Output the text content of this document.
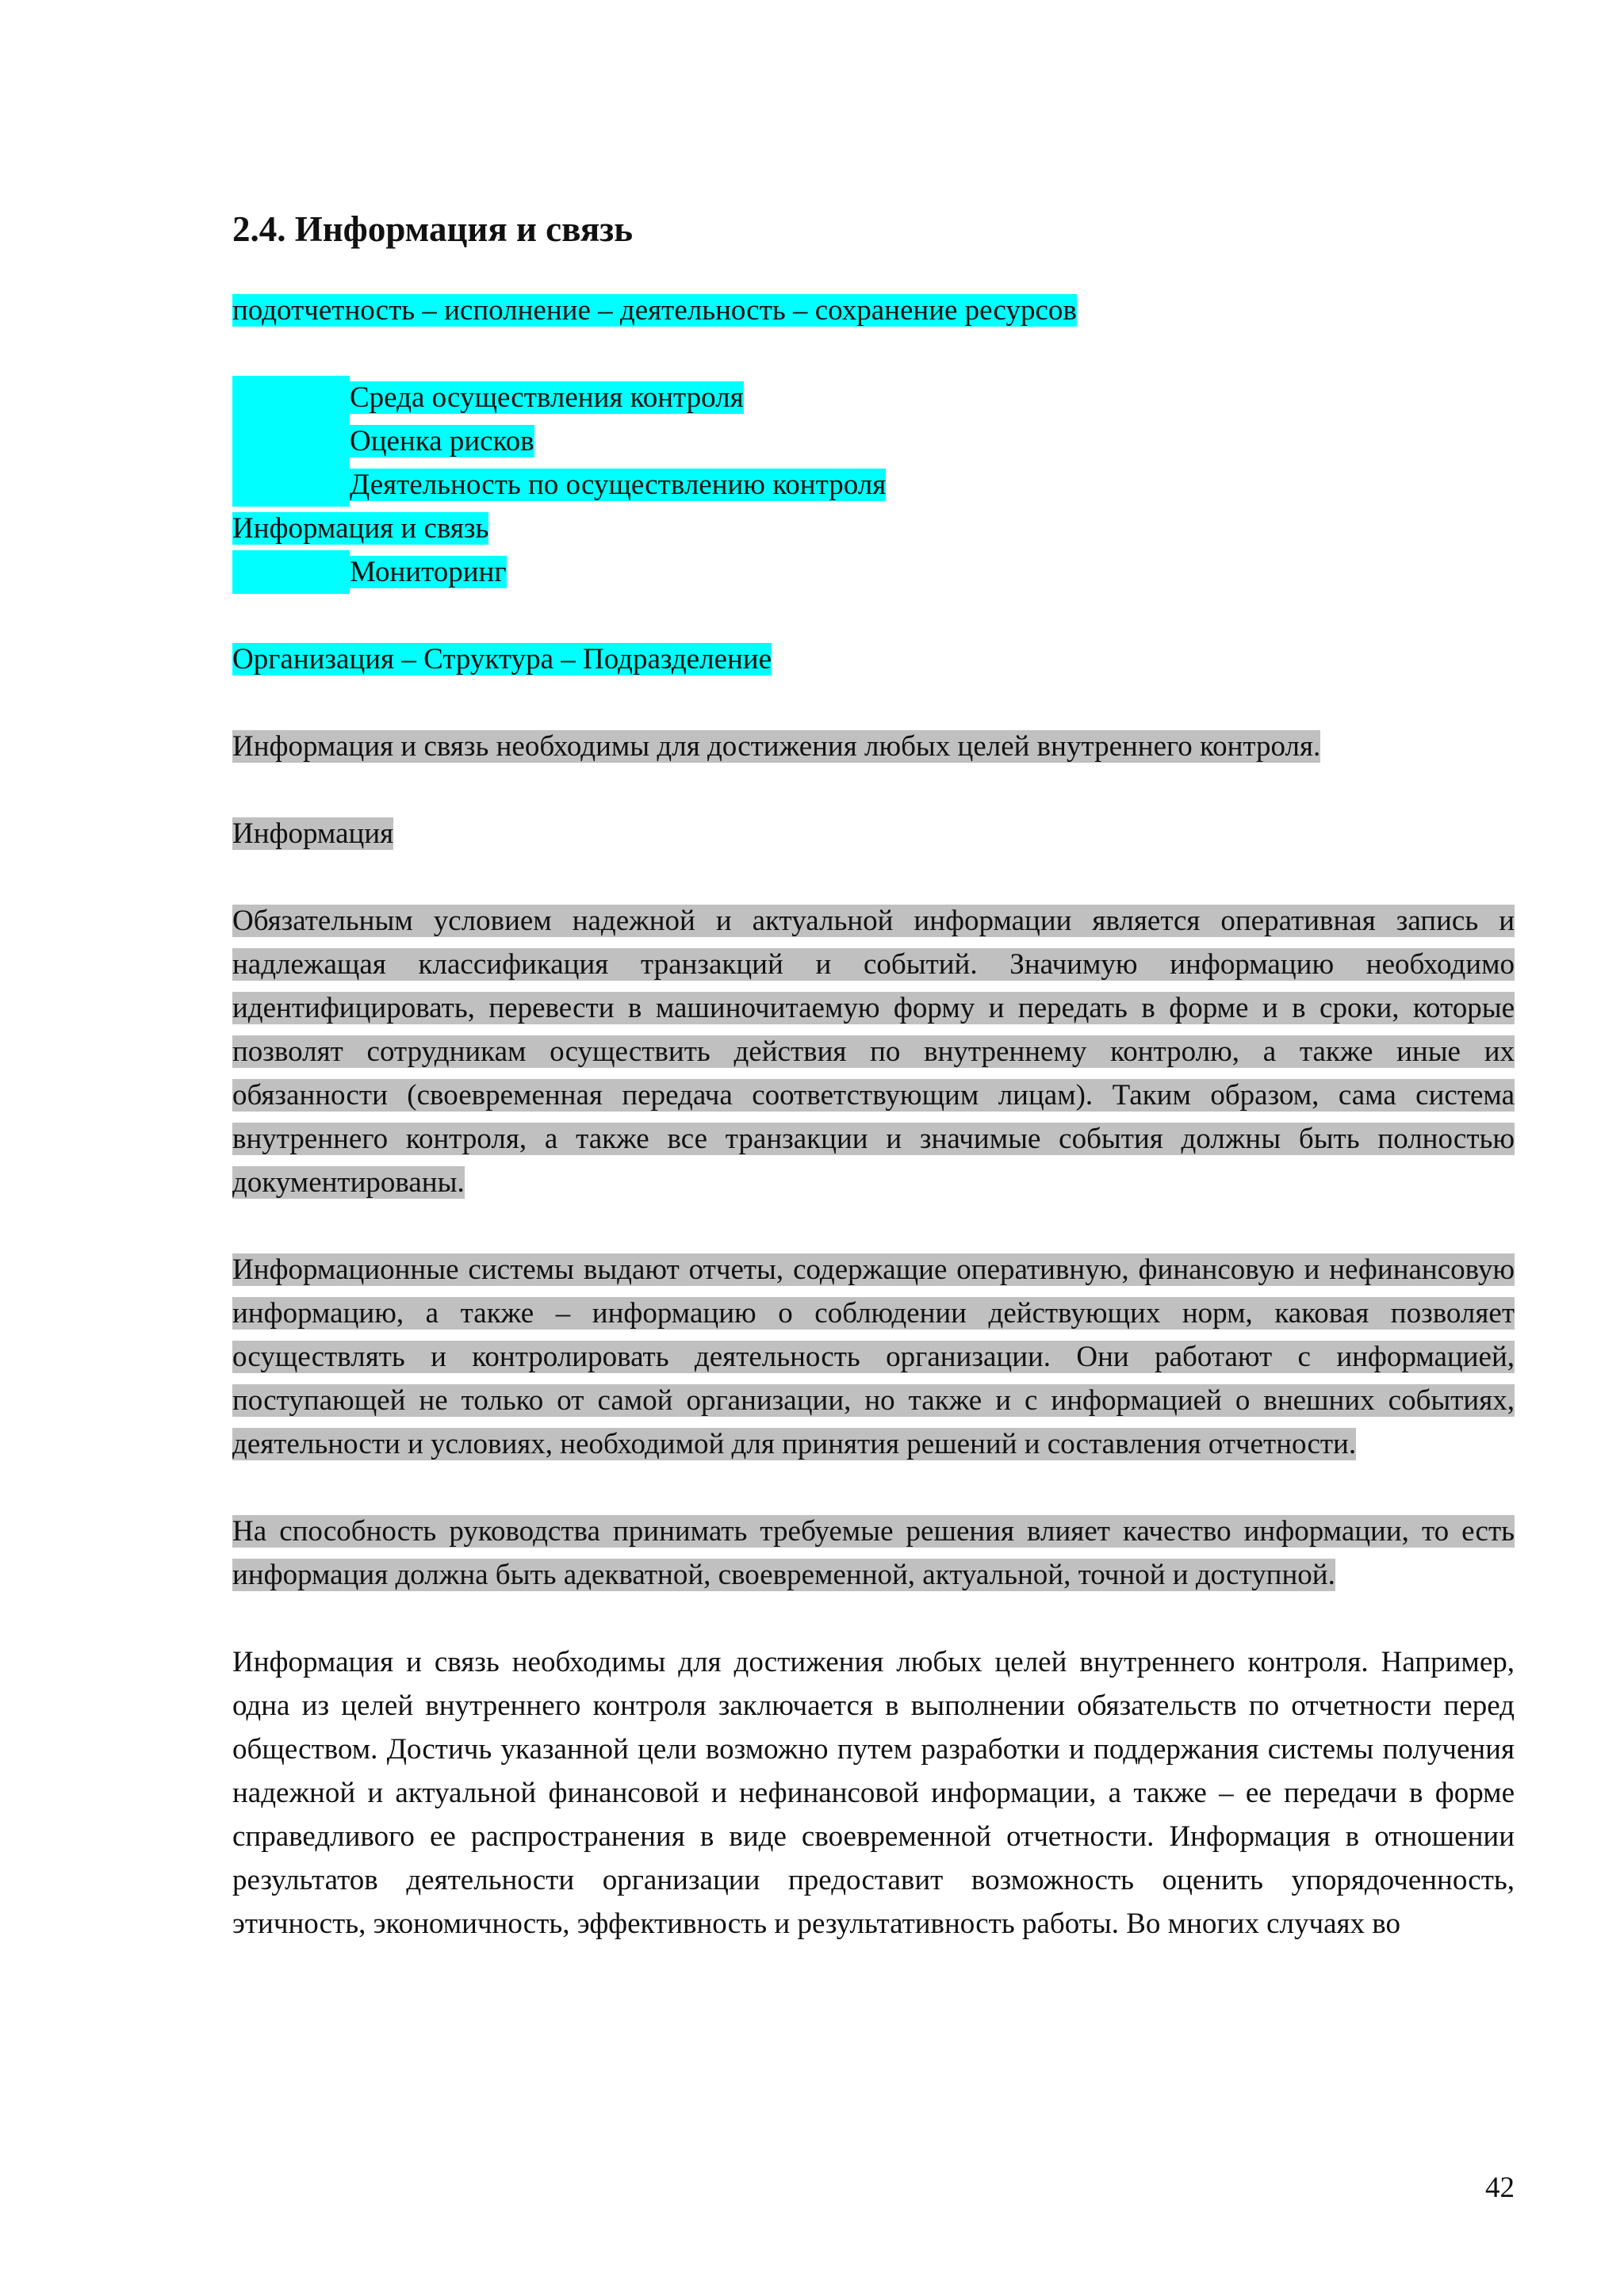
2.4. Информация и связь
подотчетность – исполнение – деятельность – сохранение ресурсов
Среда осуществления контроля
Оценка рисков
Деятельность по осуществлению контроля
Информация и связь
Мониторинг
Организация – Структура – Подразделение
Информация и связь необходимы для достижения любых целей внутреннего контроля.
Информация

Обязательным условием надежной и актуальной информации является оперативная запись и надлежащая классификация транзакций и событий. Значимую информацию необходимо идентифицировать, перевести в машиночитаемую форму и передать в форме и в сроки, которые позволят сотрудникам осуществить действия по внутреннему контролю, а также иные их обязанности (своевременная передача соответствующим лицам). Таким образом, сама система внутреннего контроля, а также все транзакции и значимые события должны быть полностью документированы.

Информационные системы выдают отчеты, содержащие оперативную, финансовую и нефинансовую информацию, а также – информацию о соблюдении действующих норм, каковая позволяет осуществлять и контролировать деятельность организации. Они работают с информацией, поступающей не только от самой организации, но также и с информацией о внешних событиях, деятельности и условиях, необходимой для принятия решений и составления отчетности.

На способность руководства принимать требуемые решения влияет качество информации, то есть информация должна быть адекватной, своевременной, актуальной, точной и доступной.

Информация и связь необходимы для достижения любых целей внутреннего контроля. Например, одна из целей внутреннего контроля заключается в выполнении обязательств по отчетности перед обществом. Достичь указанной цели возможно путем разработки и поддержания системы получения надежной и актуальной финансовой и нефинансовой информации, а также – ее передачи в форме справедливого ее распространения в виде своевременной отчетности. Информация в отношении результатов деятельности организации предоставит возможность оценить упорядоченность, этичность, экономичность, эффективность и результативность работы. Во многих случаях во

42
